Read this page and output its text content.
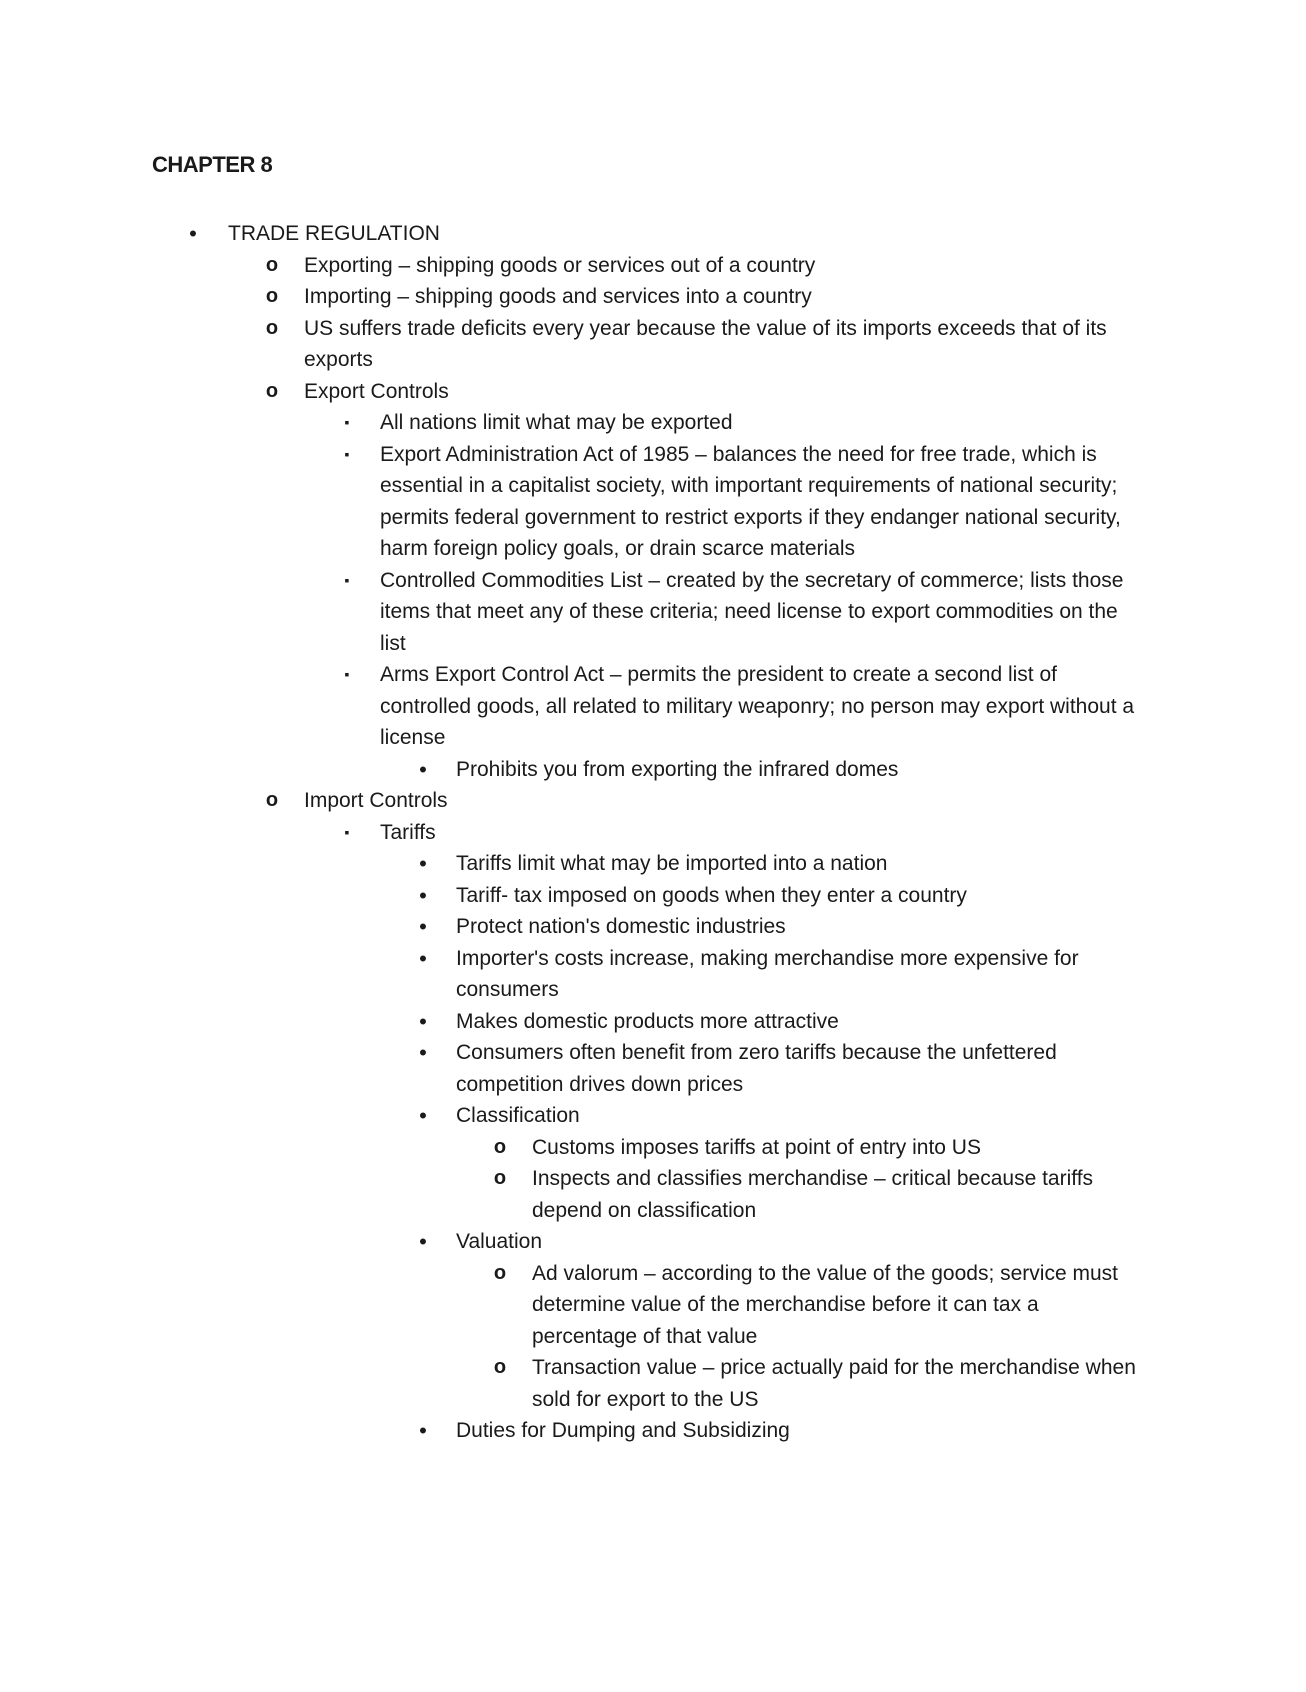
CHAPTER 8
• TRADE REGULATION
o Exporting – shipping goods or services out of a country
o Importing – shipping goods and services into a country
o US suffers trade deficits every year because the value of its imports exceeds that of its exports
o Export Controls
▪	All nations limit what may be exported
▪	Export Administration Act of 1985 – balances the need for free trade, which is essential in a capitalist society, with important requirements of national security; permits federal government to restrict exports if they endanger national security, harm foreign policy goals, or drain scarce materials
▪	Controlled Commodities List – created by the secretary of commerce; lists those items that meet any of these criteria; need license to export commodities on the list
▪	Arms Export Control Act – permits the president to create a second list of controlled goods, all related to military weaponry; no person may export without a license
• Prohibits you from exporting the infrared domes
o Import Controls
▪	Tariffs
• Tariffs limit what may be imported into a nation
• Tariff- tax imposed on goods when they enter a country
• Protect nation's domestic industries
• Importer's costs increase, making merchandise more expensive for consumers
• Makes domestic products more attractive
• Consumers often benefit from zero tariffs because the unfettered competition drives down prices
• Classification
o Customs imposes tariffs at point of entry into US
o Inspects and classifies merchandise – critical because tariffs depend on classification
• Valuation
o Ad valorum – according to the value of the goods; service must determine value of the merchandise before it can tax a percentage of that value
o Transaction value – price actually paid for the merchandise when sold for export to the US
• Duties for Dumping and Subsidizing
